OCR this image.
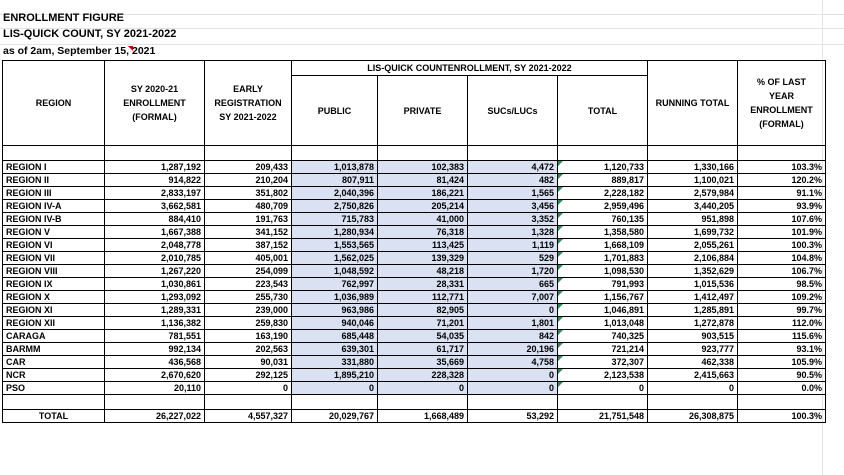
ENROLLMENT FIGURE
LIS-QUICK COUNT, SY 2021-2022
as of 2am, September 15, 2021
REGION	SY 2020-21 ENROLLMENT (FORMAL)	EARLY REGISTRATION SY 2021-2022	LIS-QUICK COUNTENROLLMENT, SY 2021-2022				RUNNING TOTAL	% OF LAST YEAR ENROLLMENT (FORMAL)
			PUBLIC	PRIVATE	SUCs/LUCs	TOTAL		

REGION I	1,287,192	209,433	1,013,878	102,383	4,472	1,120,733	1,330,166	103.3%
REGION II	914,822	210,204	807,911	81,424	482	889,817	1,100,021	120.2%
REGION III	2,833,197	351,802	2,040,396	186,221	1,565	2,228,182	2,579,984	91.1%
REGION IV-A	3,662,581	480,709	2,750,826	205,214	3,456	2,959,496	3,440,205	93.9%
REGION IV-B	884,410	191,763	715,783	41,000	3,352	760,135	951,898	107.6%
REGION V	1,667,388	341,152	1,280,934	76,318	1,328	1,358,580	1,699,732	101.9%
REGION VI	2,048,778	387,152	1,553,565	113,425	1,119	1,668,109	2,055,261	100.3%
REGION VII	2,010,785	405,001	1,562,025	139,329	529	1,701,883	2,106,884	104.8%
REGION VIII	1,267,220	254,099	1,048,592	48,218	1,720	1,098,530	1,352,629	106.7%
REGION IX	1,030,861	223,543	762,997	28,331	665	791,993	1,015,536	98.5%
REGION X	1,293,092	255,730	1,036,989	112,771	7,007	1,156,767	1,412,497	109.2%
REGION XI	1,289,331	239,000	963,986	82,905	0	1,046,891	1,285,891	99.7%
REGION XII	1,136,382	259,830	940,046	71,201	1,801	1,013,048	1,272,878	112.0%
CARAGA	781,551	163,190	685,448	54,035	842	740,325	903,515	115.6%
BARMM	992,134	202,563	639,301	61,717	20,196	721,214	923,777	93.1%
CAR	436,568	90,031	331,880	35,669	4,758	372,307	462,338	105.9%
NCR	2,670,620	292,125	1,895,210	228,328	0	2,123,538	2,415,663	90.5%
PSO	20,110	0	0	0	0	0	0	0.0%

TOTAL	26,227,022	4,557,327	20,029,767	1,668,489	53,292	21,751,548	26,308,875	100.3%
